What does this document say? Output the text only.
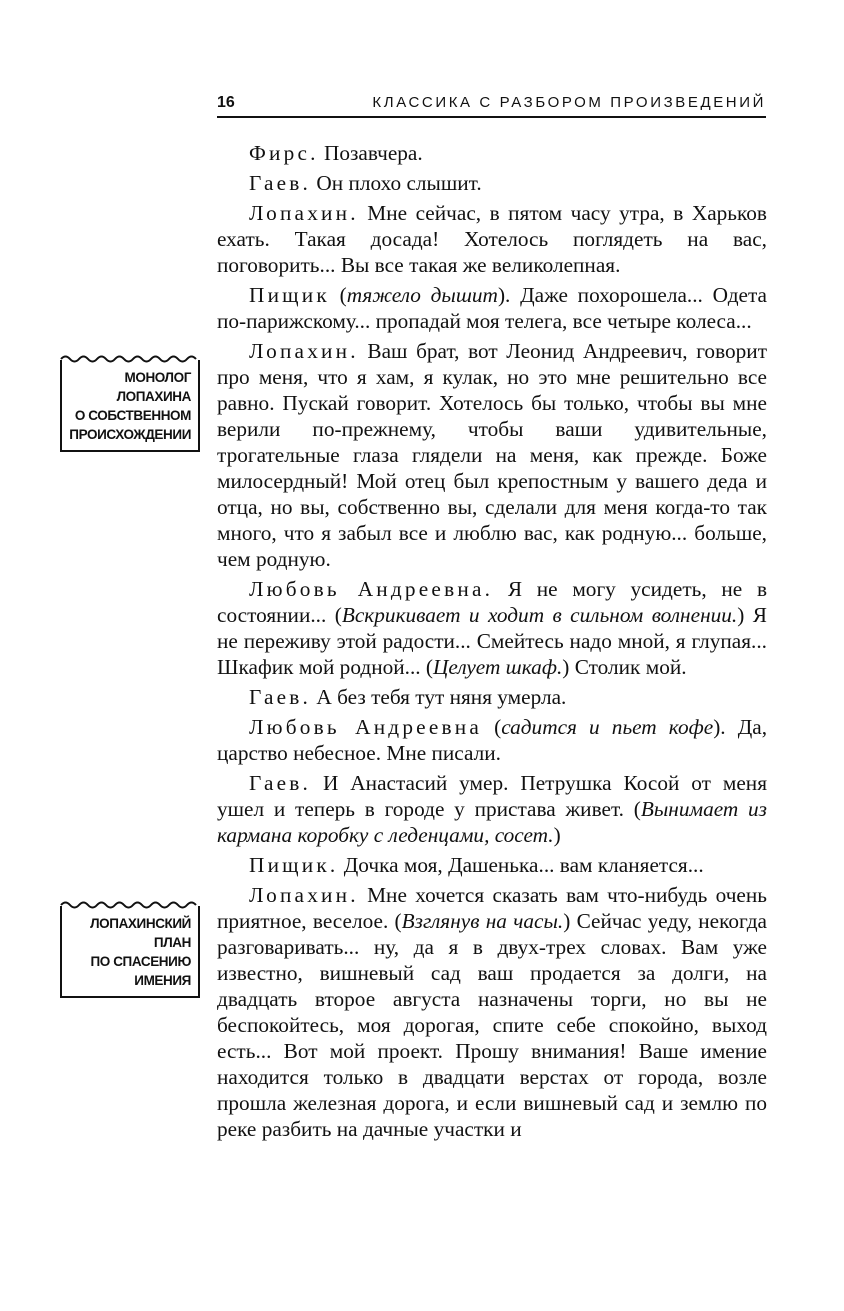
16	КЛАССИКА С РАЗБОРОМ ПРОИЗВЕДЕНИЙ
МОНОЛОГ
ЛОПАХИНА
О СОБСТВЕННОМ
ПРОИСХОЖДЕНИИ
ЛОПАХИНСКИЙ
ПЛАН
ПО СПАСЕНИЮ
ИМЕНИЯ

Фирс. Позавчера.

Гаев. Он плохо слышит.

Лопахин. Мне сейчас, в пятом часу утра, в Харьков ехать. Такая досада! Хотелось поглядеть на вас, поговорить... Вы все такая же великолепная.

Пищик (тяжело дышит). Даже похорошела... Одета по-парижскому... пропадай моя телега, все четыре колеса...

Лопахин. Ваш брат, вот Леонид Андреевич, говорит про меня, что я хам, я кулак, но это мне решительно все равно. Пускай говорит. Хотелось бы только, чтобы вы мне верили по-прежнему, чтобы ваши удивительные, трогательные глаза глядели на меня, как прежде. Боже милосердный! Мой отец был крепостным у вашего деда и отца, но вы, собственно вы, сделали для меня когда-то так много, что я забыл все и люблю вас, как родную... больше, чем родную.

Любовь Андреевна. Я не могу усидеть, не в состоянии... (Вскрикивает и ходит в сильном волнении.) Я не переживу этой радости... Смейтесь надо мной, я глупая... Шкафик мой родной... (Целует шкаф.) Столик мой.

Гаев. А без тебя тут няня умерла.

Любовь Андреевна (садится и пьет кофе). Да, царство небесное. Мне писали.

Гаев. И Анастасий умер. Петрушка Косой от меня ушел и теперь в городе у пристава живет. (Вынимает из кармана коробку с леденцами, сосет.)

Пищик. Дочка моя, Дашенька... вам кланяется...

Лопахин. Мне хочется сказать вам что-нибудь очень приятное, веселое. (Взглянув на часы.) Сейчас уеду, некогда разговаривать... ну, да я в двух-трех словах. Вам уже известно, вишневый сад ваш продается за долги, на двадцать второе августа назначены торги, но вы не беспокойтесь, моя дорогая, спите себе спокойно, выход есть... Вот мой проект. Прошу внимания! Ваше имение находится только в двадцати верстах от города, возле прошла железная дорога, и если вишневый сад и землю по реке разбить на дачные участки и
